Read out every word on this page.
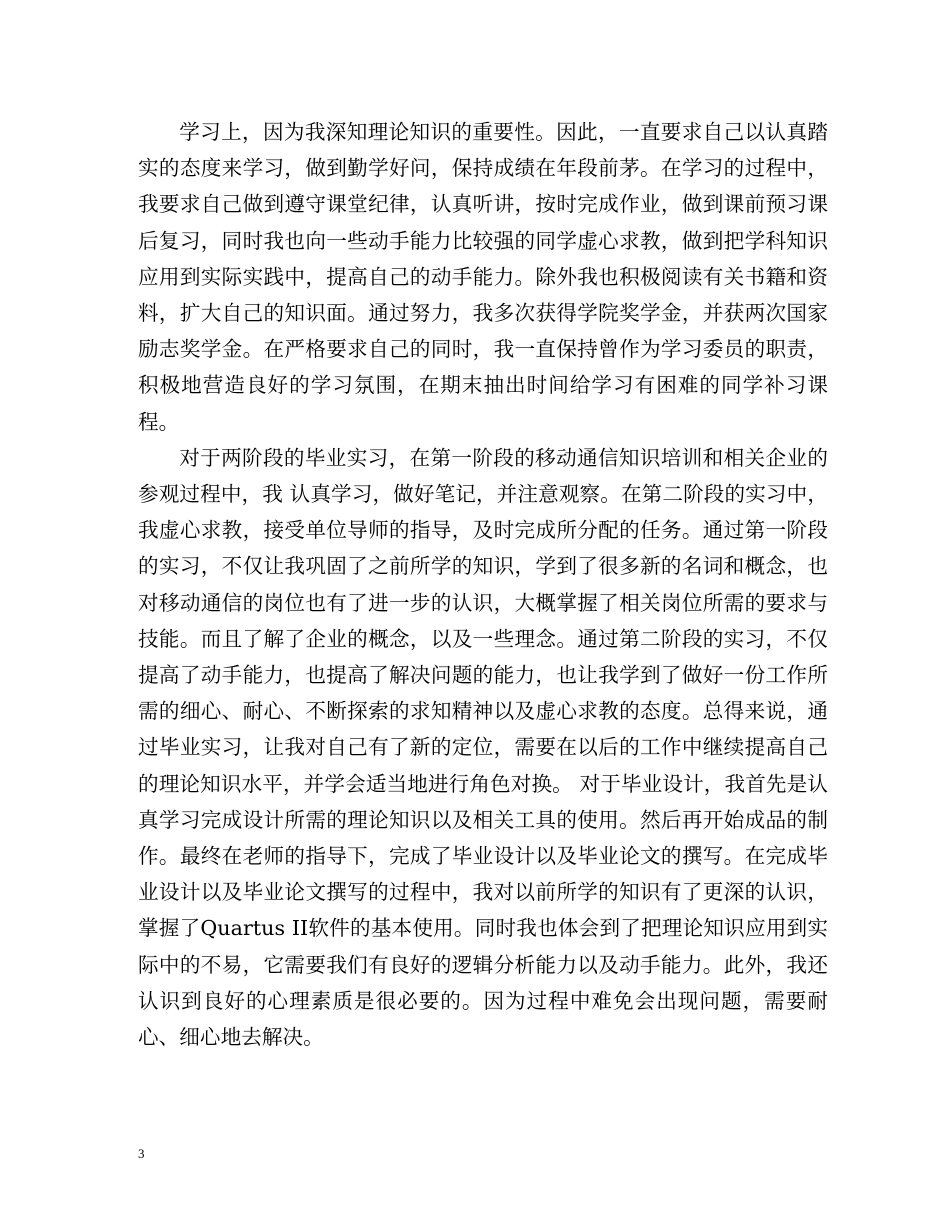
学习上，因为我深知理论知识的重要性。因此，一直要求自己以认真踏实的态度来学习，做到勤学好问，保持成绩在年段前茅。在学习的过程中，我要求自己做到遵守课堂纪律，认真听讲，按时完成作业，做到课前预习课后复习，同时我也向一些动手能力比较强的同学虚心求教，做到把学科知识应用到实际实践中，提高自己的动手能力。除外我也积极阅读有关书籍和资料，扩大自己的知识面。通过努力，我多次获得学院奖学金，并获两次国家励志奖学金。在严格要求自己的同时，我一直保持曾作为学习委员的职责，积极地营造良好的学习氛围，在期末抽出时间给学习有困难的同学补习课程。

对于两阶段的毕业实习，在第一阶段的移动通信知识培训和相关企业的参观过程中，我 认真学习，做好笔记，并注意观察。在第二阶段的实习中，我虚心求教，接受单位导师的指导，及时完成所分配的任务。通过第一阶段的实习，不仅让我巩固了之前所学的知识，学到了很多新的名词和概念，也对移动通信的岗位也有了进一步的认识，大概掌握了相关岗位所需的要求与技能。而且了解了企业的概念，以及一些理念。通过第二阶段的实习，不仅提高了动手能力，也提高了解决问题的能力，也让我学到了做好一份工作所需的细心、耐心、不断探索的求知精神以及虚心求教的态度。总得来说，通过毕业实习，让我对自己有了新的定位，需要在以后的工作中继续提高自己的理论知识水平，并学会适当地进行角色对换。 对于毕业设计，我首先是认真学习完成设计所需的理论知识以及相关工具的使用。然后再开始成品的制作。最终在老师的指导下，完成了毕业设计以及毕业论文的撰写。在完成毕业设计以及毕业论文撰写的过程中，我对以前所学的知识有了更深的认识，掌握了Quartus II软件的基本使用。同时我也体会到了把理论知识应用到实际中的不易，它需要我们有良好的逻辑分析能力以及动手能力。此外，我还认识到良好的心理素质是很必要的。因为过程中难免会出现问题，需要耐心、细心地去解决。

3
